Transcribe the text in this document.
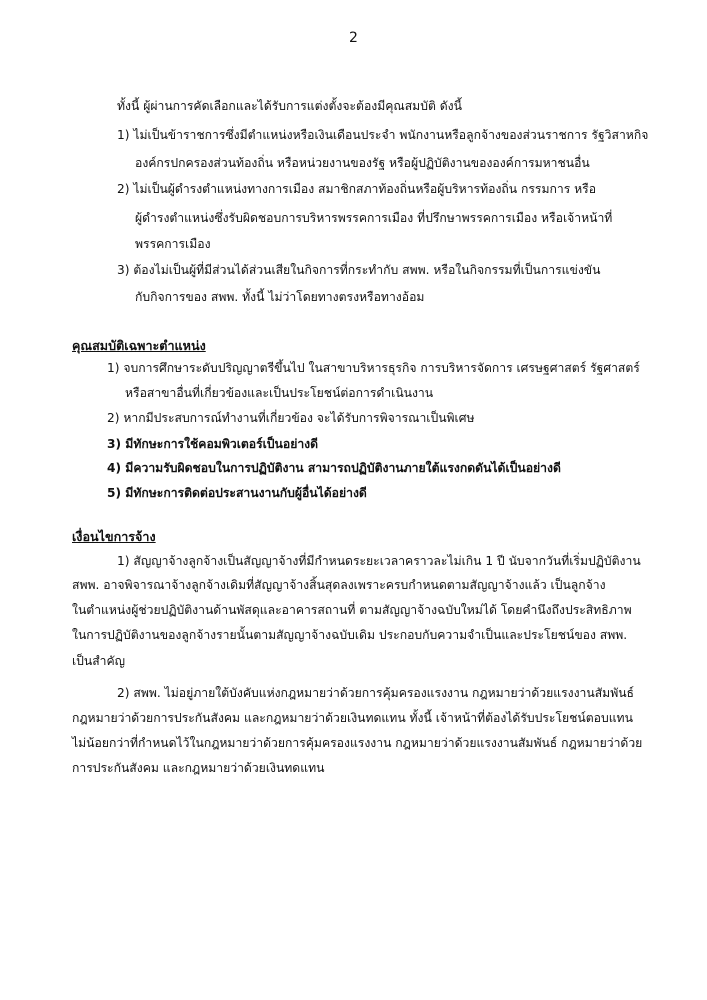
2
ทั้งนี้ ผู้ผ่านการคัดเลือกและได้รับการแต่งตั้งจะต้องมีคุณสมบัติ ดังนี้
1) ไม่เป็นข้าราชการซึ่งมีตำแหน่งหรือเงินเดือนประจำ พนักงานหรือลูกจ้างของส่วนราชการ รัฐวิสาหกิจ
องค์กรปกครองส่วนท้องถิ่น หรือหน่วยงานของรัฐ หรือผู้ปฏิบัติงานขององค์การมหาชนอื่น
2) ไม่เป็นผู้ดำรงตำแหน่งทางการเมือง สมาชิกสภาท้องถิ่นหรือผู้บริหารท้องถิ่น กรรมการ หรือ
ผู้ดำรงตำแหน่งซึ่งรับผิดชอบการบริหารพรรคการเมือง ที่ปรึกษาพรรคการเมือง หรือเจ้าหน้าที่
พรรคการเมือง
3) ต้องไม่เป็นผู้ที่มีส่วนได้ส่วนเสียในกิจการที่กระทำกับ สพพ. หรือในกิจกรรมที่เป็นการแข่งขัน
กับกิจการของ สพพ. ทั้งนี้ ไม่ว่าโดยทางตรงหรือทางอ้อม
คุณสมบัติเฉพาะตำแหน่ง
1) จบการศึกษาระดับปริญญาตรีขึ้นไป ในสาขาบริหารธุรกิจ การบริหารจัดการ เศรษฐศาสตร์ รัฐศาสตร์
หรือสาขาอื่นที่เกี่ยวข้องและเป็นประโยชน์ต่อการดำเนินงาน
2) หากมีประสบการณ์ทำงานที่เกี่ยวข้อง จะได้รับการพิจารณาเป็นพิเศษ
3) มีทักษะการใช้คอมพิวเตอร์เป็นอย่างดี
4) มีความรับผิดชอบในการปฏิบัติงาน สามารถปฏิบัติงานภายใต้แรงกดดันได้เป็นอย่างดี
5) มีทักษะการติดต่อประสานงานกับผู้อื่นได้อย่างดี
เงื่อนไขการจ้าง
1) สัญญาจ้างลูกจ้างเป็นสัญญาจ้างที่มีกำหนดระยะเวลาคราวละไม่เกิน 1 ปี นับจากวันที่เริ่มปฏิบัติงาน
สพพ. อาจพิจารณาจ้างลูกจ้างเดิมที่สัญญาจ้างสิ้นสุดลงเพราะครบกำหนดตามสัญญาจ้างแล้ว เป็นลูกจ้าง
ในตำแหน่งผู้ช่วยปฏิบัติงานด้านพัสดุและอาคารสถานที่ ตามสัญญาจ้างฉบับใหม่ได้ โดยคำนึงถึงประสิทธิภาพ
ในการปฏิบัติงานของลูกจ้างรายนั้นตามสัญญาจ้างฉบับเดิม ประกอบกับความจำเป็นและประโยชน์ของ สพพ.
เป็นสำคัญ
2) สพพ. ไม่อยู่ภายใต้บังคับแห่งกฎหมายว่าด้วยการคุ้มครองแรงงาน กฎหมายว่าด้วยแรงงานสัมพันธ์
กฎหมายว่าด้วยการประกันสังคม และกฎหมายว่าด้วยเงินทดแทน ทั้งนี้ เจ้าหน้าที่ต้องได้รับประโยชน์ตอบแทน
ไม่น้อยกว่าที่กำหนดไว้ในกฎหมายว่าด้วยการคุ้มครองแรงงาน กฎหมายว่าด้วยแรงงานสัมพันธ์ กฎหมายว่าด้วย
การประกันสังคม และกฎหมายว่าด้วยเงินทดแทน
